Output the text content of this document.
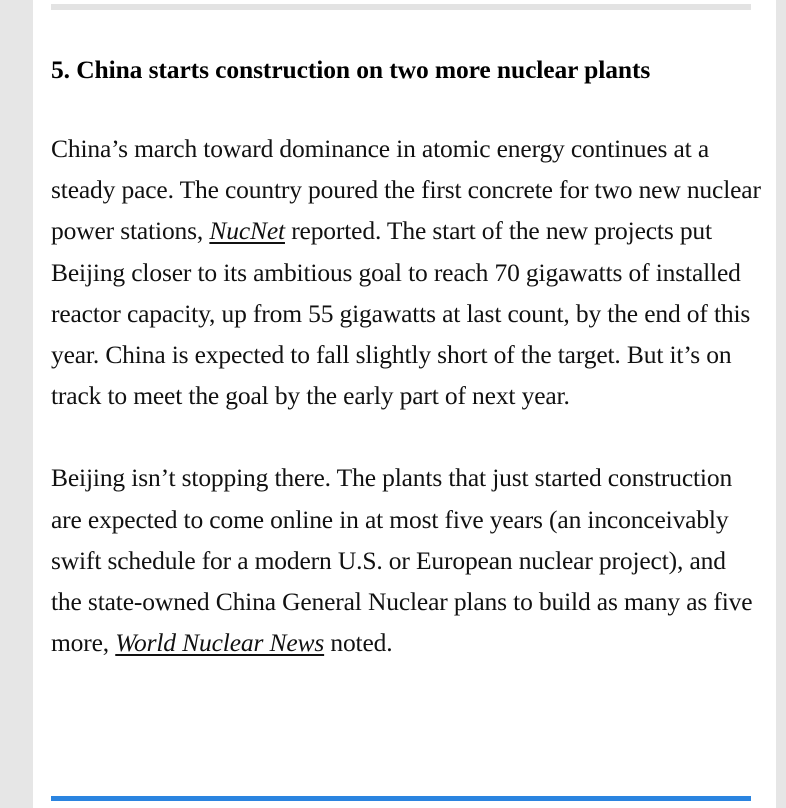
5. China starts construction on two more nuclear plants

China’s march toward dominance in atomic energy continues at a steady pace. The country poured the first concrete for two new nuclear power stations, NucNet reported. The start of the new projects put Beijing closer to its ambitious goal to reach 70 gigawatts of installed reactor capacity, up from 55 gigawatts at last count, by the end of this year. China is expected to fall slightly short of the target. But it’s on track to meet the goal by the early part of next year.

Beijing isn’t stopping there. The plants that just started construction are expected to come online in at most five years (an inconceivably swift schedule for a modern U.S. or European nuclear project), and the state-owned China General Nuclear plans to build as many as five more, World Nuclear News noted.
